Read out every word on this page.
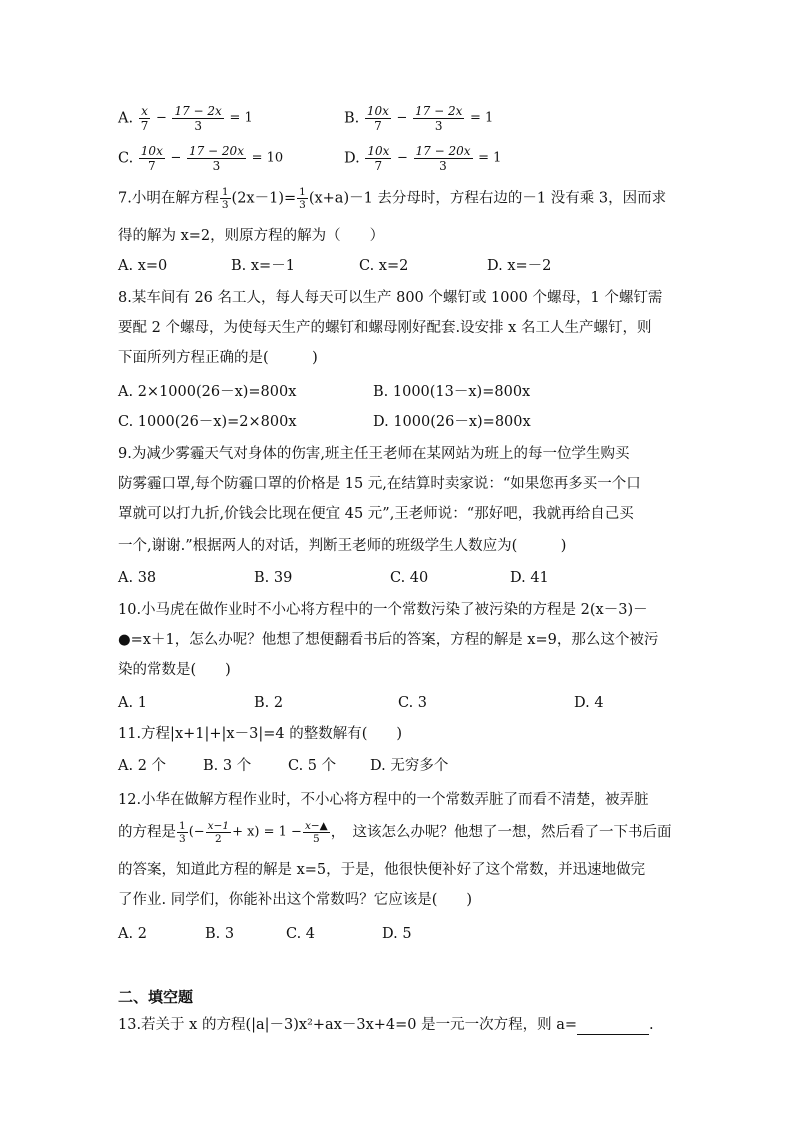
A. $\frac{x}{7} - \frac{17 - 2x}{3} = 1$	B. $\frac{10x}{7} - \frac{17 - 2x}{3} = 1$
C. $\frac{10x}{7} - \frac{17 - 20x}{3} = 10$	D. $\frac{10x}{7} - \frac{17 - 20x}{3} = 1$
7.小明在解方程 $\frac{1}{3} (2x-1)= \frac{1}{3} (x+a)-1$ 去分母时，方程右边的－1 没有乘 3，因而求
得的解为 x=2，则原方程的解为（　　）
A. x=0	B. x=－1	C. x=2	D. x=－2
8.某车间有 26 名工人，每人每天可以生产 800 个螺钉或 1000 个螺母，1 个螺钉需
要配 2 个螺母，为使每天生产的螺钉和螺母刚好配套.设安排 x 名工人生产螺钉，则
下面所列方程正确的是(　　　)
A. 2×1000(26－x)=800x	B. 1000(13－x)=800x
C. 1000(26－x)=2×800x	D. 1000(26－x)=800x
9.为减少雾霾天气对身体的伤害,班主任王老师在某网站为班上的每一位学生购买
防雾霾口罩,每个防霾口罩的价格是 15 元,在结算时卖家说：“如果您再多买一个口
罩就可以打九折,价钱会比现在便宜 45 元”,王老师说：“那好吧，我就再给自己买
一个,谢谢.”根据两人的对话，判断王老师的班级学生人数应为(　　　)
A. 38	B. 39	C. 40	D. 41
10.小马虎在做作业时不小心将方程中的一个常数污染了被污染的方程是 2(x－3)－
●=x＋1，怎么办呢？他想了想便翻看书后的答案，方程的解是 x=9，那么这个被污
染的常数是(　　)
A. 1	B. 2	C. 3	D. 4
11.方程|x+1|+|x－3|=4 的整数解有(　　)
A. 2 个	B. 3 个	C. 5 个 D. 无穷多个
12.小华在做解方程作业时，不小心将方程中的一个常数弄脏了而看不清楚，被弄脏
的方程是 $\frac{1}{3}$ (− $\frac{x-1}{2} + x) = 1 - \frac{x-▲}{5}$ ，　这该怎么办呢？他想了一想，然后看了一下书后面
的答案，知道此方程的解是 x=5，于是，他很快便补好了这个常数，并迅速地做完
了作业. 同学们，你能补出这个常数吗？它应该是(　　)
A. 2	B. 3	C. 4	D. 5
二、填空题
13.若关于 x 的方程(|a|－3)x²+ax－3x+4=0 是一元一次方程，则 a=	.
